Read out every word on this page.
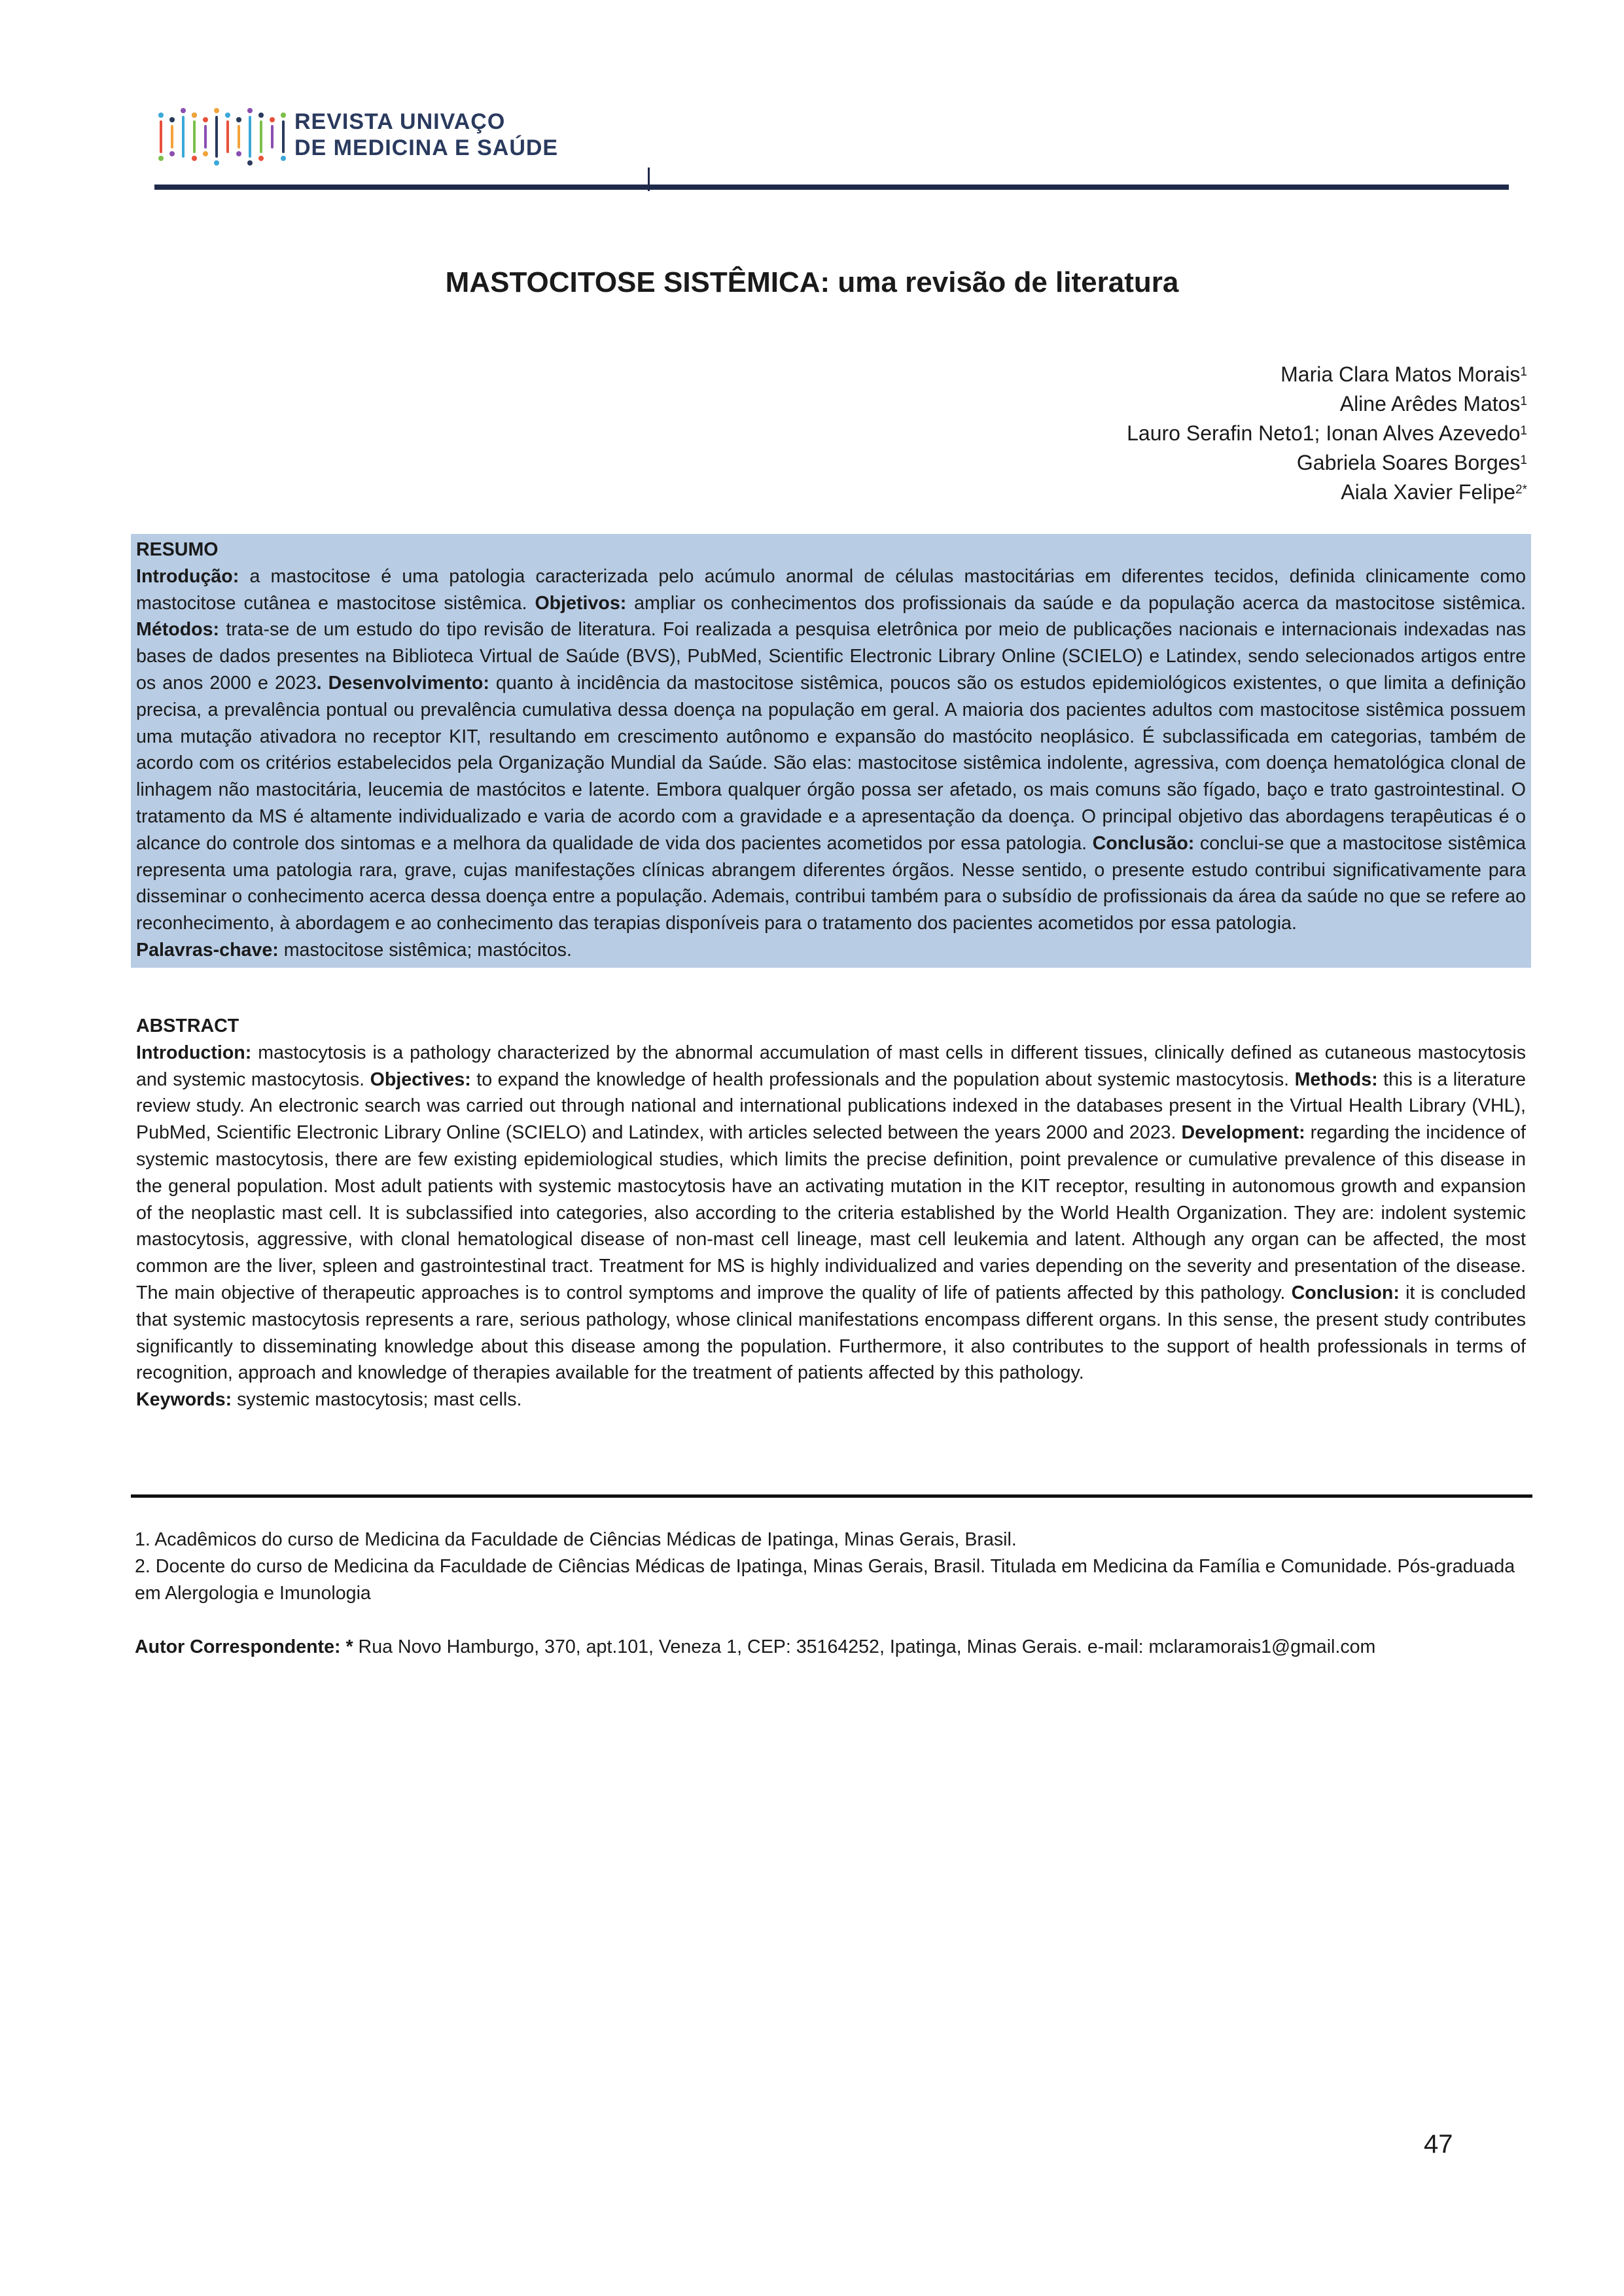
REVISTA UNIVAÇO
DE MEDICINA E SAÚDE
MASTOCITOSE SISTÊMICA: uma revisão de literatura
Maria Clara Matos Morais$^1$
Aline Arêdes Matos$^1$
Lauro Serafin Neto1; Ionan Alves Azevedo$^1$
Gabriela Soares Borges$^1$
Aiala Xavier Felipe$^{2*}$
RESUMO
Introdução: a mastocitose é uma patologia caracterizada pelo acúmulo anormal de células mastocitárias em diferentes tecidos, definida clinicamente como mastocitose cutânea e mastocitose sistêmica. Objetivos: ampliar os conhecimentos dos profissionais da saúde e da população acerca da mastocitose sistêmica. Métodos: trata-se de um estudo do tipo revisão de literatura. Foi realizada a pesquisa eletrônica por meio de publicações nacionais e internacionais indexadas nas bases de dados presentes na Biblioteca Virtual de Saúde (BVS), PubMed, Scientific Electronic Library Online (SCIELO) e Latindex, sendo selecionados artigos entre os anos 2000 e 2023. Desenvolvimento: quanto à incidência da mastocitose sistêmica, poucos são os estudos epidemiológicos existentes, o que limita a definição precisa, a prevalência pontual ou prevalência cumulativa dessa doença na população em geral. A maioria dos pacientes adultos com mastocitose sistêmica possuem uma mutação ativadora no receptor KIT, resultando em crescimento autônomo e expansão do mastócito neoplásico. É subclassificada em categorias, também de acordo com os critérios estabelecidos pela Organização Mundial da Saúde. São elas: mastocitose sistêmica indolente, agressiva, com doença hematológica clonal de linhagem não mastocitária, leucemia de mastócitos e latente. Embora qualquer órgão possa ser afetado, os mais comuns são fígado, baço e trato gastrointestinal. O tratamento da MS é altamente individualizado e varia de acordo com a gravidade e a apresentação da doença. O principal objetivo das abordagens terapêuticas é o alcance do controle dos sintomas e a melhora da qualidade de vida dos pacientes acometidos por essa patologia. Conclusão: conclui-se que a mastocitose sistêmica representa uma patologia rara, grave, cujas manifestações clínicas abrangem diferentes órgãos. Nesse sentido, o presente estudo contribui significativamente para disseminar o conhecimento acerca dessa doença entre a população. Ademais, contribui também para o subsídio de profissionais da área da saúde no que se refere ao reconhecimento, à abordagem e ao conhecimento das terapias disponíveis para o tratamento dos pacientes acometidos por essa patologia.
Palavras-chave: mastocitose sistêmica; mastócitos.
ABSTRACT
Introduction: mastocytosis is a pathology characterized by the abnormal accumulation of mast cells in different tissues, clinically defined as cutaneous mastocytosis and systemic mastocytosis. Objectives: to expand the knowledge of health professionals and the population about systemic mastocytosis. Methods: this is a literature review study. An electronic search was carried out through national and international publications indexed in the databases present in the Virtual Health Library (VHL), PubMed, Scientific Electronic Library Online (SCIELO) and Latindex, with articles selected between the years 2000 and 2023. Development: regarding the incidence of systemic mastocytosis, there are few existing epidemiological studies, which limits the precise definition, point prevalence or cumulative prevalence of this disease in the general population. Most adult patients with systemic mastocytosis have an activating mutation in the KIT receptor, resulting in autonomous growth and expansion of the neoplastic mast cell. It is subclassified into categories, also according to the criteria established by the World Health Organization. They are: indolent systemic mastocytosis, aggressive, with clonal hematological disease of non-mast cell lineage, mast cell leukemia and latent. Although any organ can be affected, the most common are the liver, spleen and gastrointestinal tract. Treatment for MS is highly individualized and varies depending on the severity and presentation of the disease. The main objective of therapeutic approaches is to control symptoms and improve the quality of life of patients affected by this pathology. Conclusion: it is concluded that systemic mastocytosis represents a rare, serious pathology, whose clinical manifestations encompass different organs. In this sense, the present study contributes significantly to disseminating knowledge about this disease among the population. Furthermore, it also contributes to the support of health professionals in terms of recognition, approach and knowledge of therapies available for the treatment of patients affected by this pathology.
Keywords: systemic mastocytosis; mast cells.

1. Acadêmicos do curso de Medicina da Faculdade de Ciências Médicas de Ipatinga, Minas Gerais, Brasil.

2. Docente do curso de Medicina da Faculdade de Ciências Médicas de Ipatinga, Minas Gerais, Brasil. Titulada em Medicina da Família e Comunidade. Pós-graduada em Alergologia e Imunologia

Autor Correspondente: * Rua Novo Hamburgo, 370, apt.101, Veneza 1, CEP: 35164252, Ipatinga, Minas Gerais. e-mail: mclaramorais1@gmail.com
47
